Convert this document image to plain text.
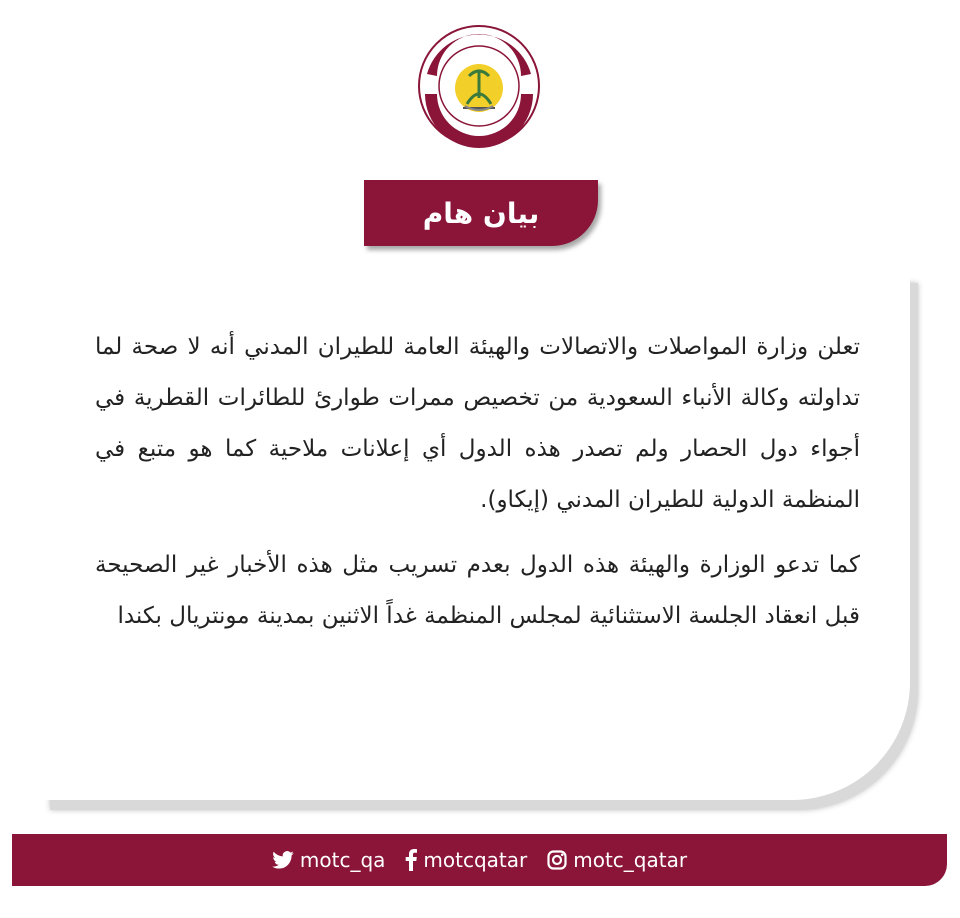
بيان هام

تعلن وزارة المواصلات والاتصالات والهيئة العامة للطيران المدني أنه لا صحة لما تداولته وكالة الأنباء السعودية من تخصيص ممرات طوارئ للطائرات القطرية في أجواء دول الحصار ولم تصدر هذه الدول أي إعلانات ملاحية كما هو متبع في المنظمة الدولية للطيران المدني (إيكاو).

كما تدعو الوزارة والهيئة هذه الدول بعدم تسريب مثل هذه الأخبار غير الصحيحة قبل انعقاد الجلسة الاستثنائية لمجلس المنظمة غداً الاثنين بمدينة مونتريال بكندا

motc_qa motcqatar motc_qatar
